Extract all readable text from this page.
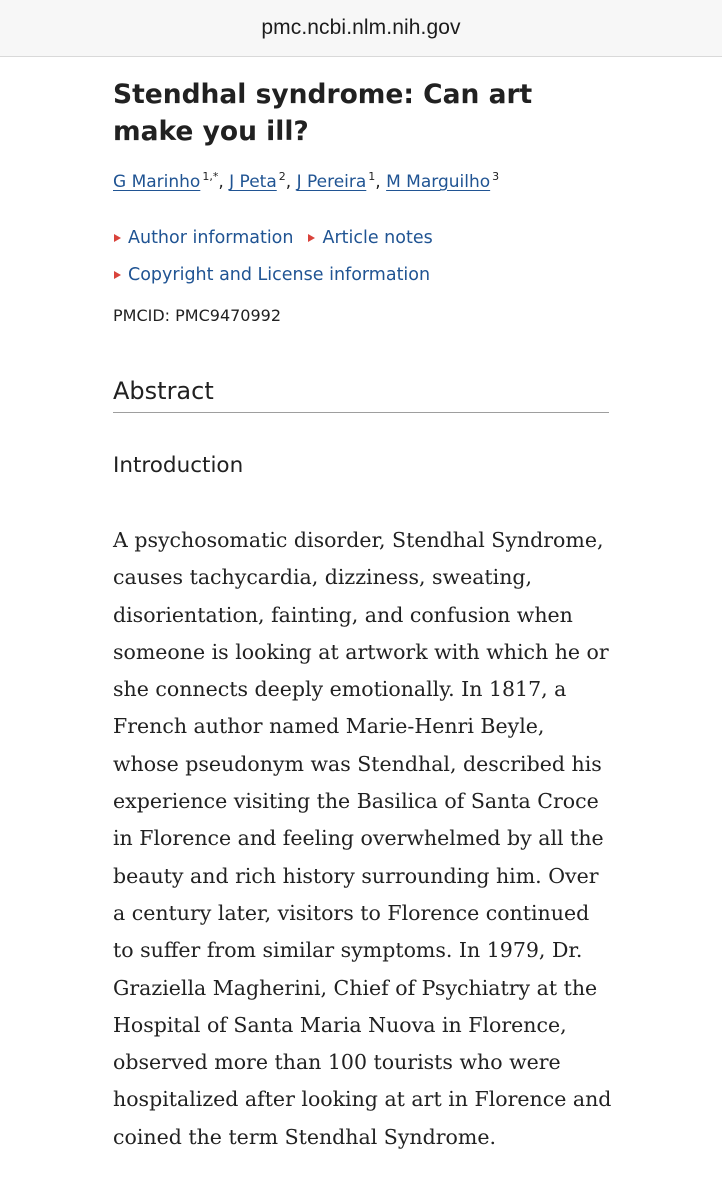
pmc.ncbi.nlm.nih.gov
Stendhal syndrome: Can art make you ill?
G Marinho $^{1,*}$, J Peta $^2$, J Pereira $^1$, M Marguilho $^3$
Author information Article notes
Copyright and License information
PMCID: PMC9470992
Abstract
Introduction

A psychosomatic disorder, Stendhal Syndrome, causes tachycardia, dizziness, sweating, disorientation, fainting, and confusion when someone is looking at artwork with which he or she connects deeply emotionally. In 1817, a French author named Marie-Henri Beyle, whose pseudonym was Stendhal, described his experience visiting the Basilica of Santa Croce in Florence and feeling overwhelmed by all the beauty and rich history surrounding him. Over a century later, visitors to Florence continued to suffer from similar symptoms. In 1979, Dr. Graziella Magherini, Chief of Psychiatry at the Hospital of Santa Maria Nuova in Florence, observed more than 100 tourists who were hospitalized after looking at art in Florence and coined the term Stendhal Syndrome.
